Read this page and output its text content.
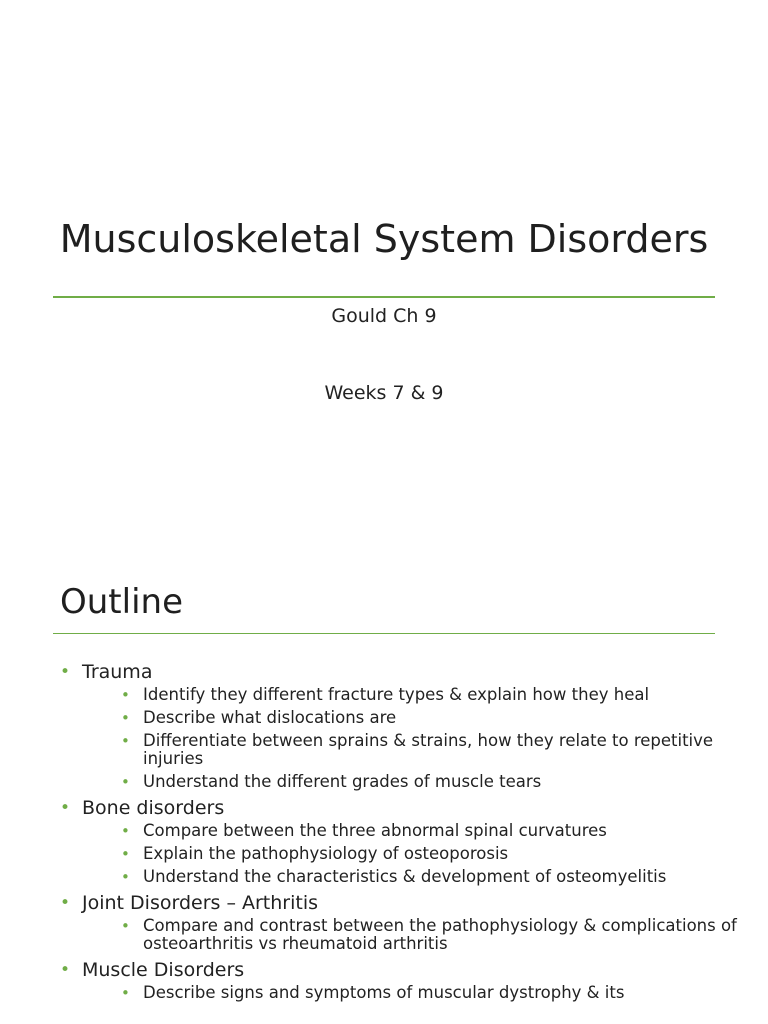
Musculoskeletal System Disorders
Gould Ch 9
Weeks 7 & 9
Outline
• Trauma
• Identify they different fracture types & explain how they heal
• Describe what dislocations are
• Differentiate between sprains & strains, how they relate to repetitive injuries
• Understand the different grades of muscle tears
• Bone disorders
• Compare between the three abnormal spinal curvatures
• Explain the pathophysiology of osteoporosis
• Understand the characteristics & development of osteomyelitis
• Joint Disorders – Arthritis
• Compare and contrast between the pathophysiology & complications of osteoarthritis vs rheumatoid arthritis
• Muscle Disorders
• Describe signs and symptoms of muscular dystrophy & its
